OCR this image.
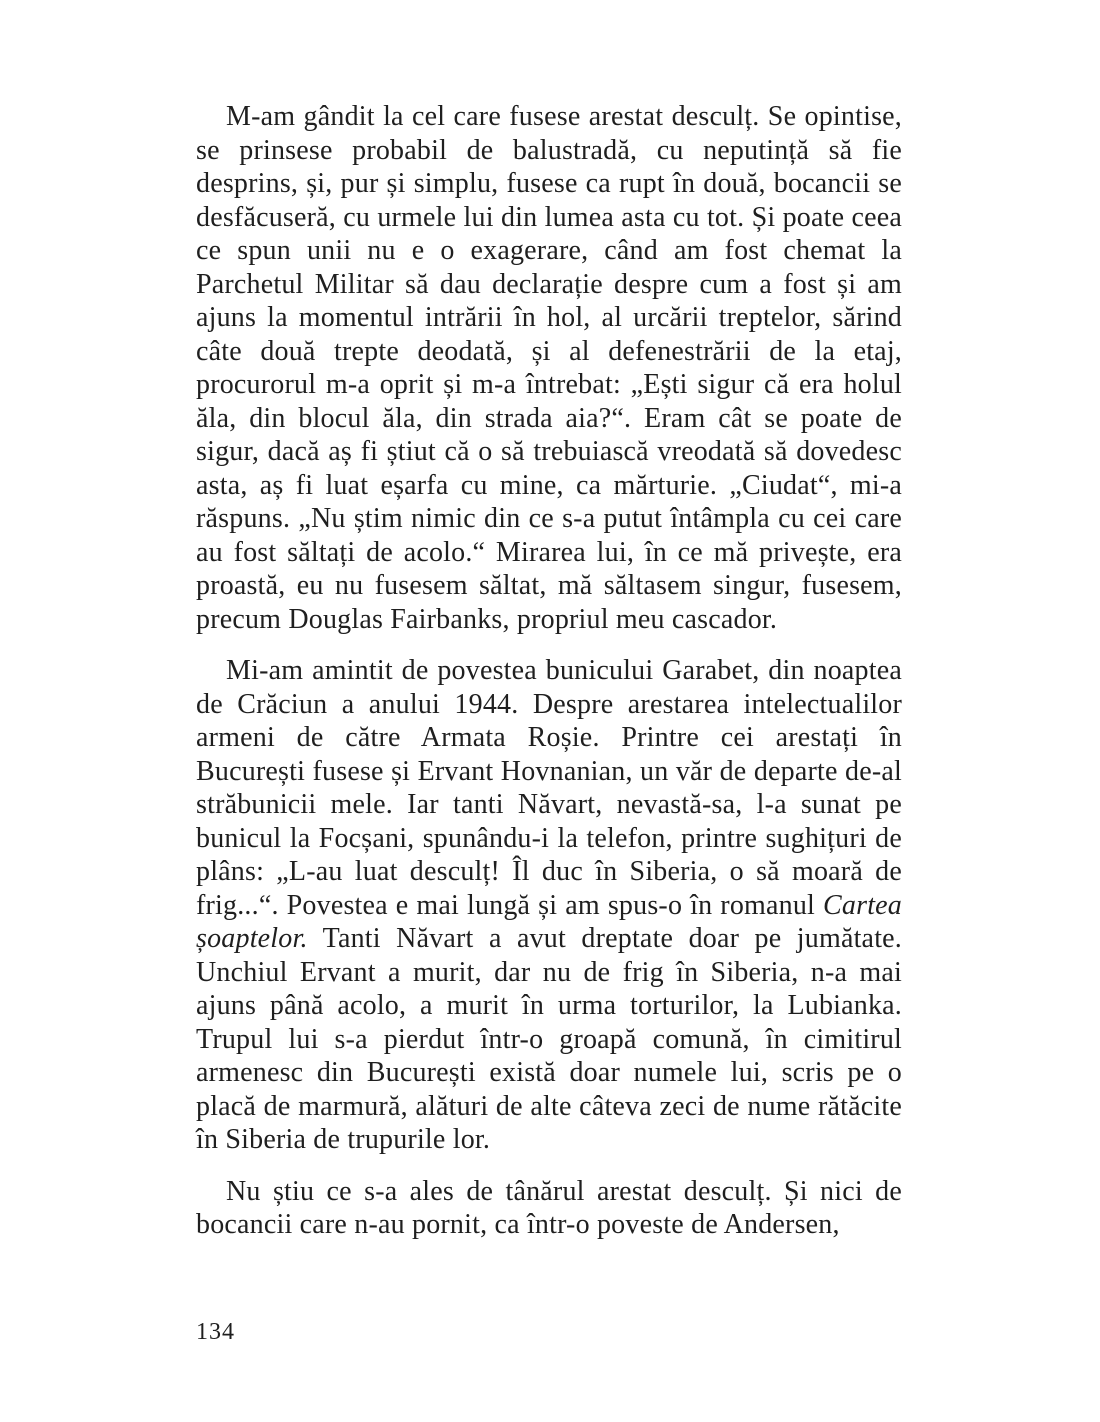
M-am gândit la cel care fusese arestat desculț. Se opintise, se prinsese probabil de balustradă, cu neputință să fie desprins, și, pur și simplu, fusese ca rupt în două, bocancii se desfăcuseră, cu urmele lui din lumea asta cu tot. Și poate ceea ce spun unii nu e o exagerare, când am fost chemat la Parchetul Militar să dau declarație despre cum a fost și am ajuns la momentul intrării în hol, al urcării treptelor, sărind câte două trepte deodată, și al defenestrării de la etaj, procurorul m-a oprit și m-a întrebat: „Ești sigur că era holul ăla, din blocul ăla, din strada aia?“. Eram cât se poate de sigur, dacă aș fi știut că o să trebuiască vreodată să dovedesc asta, aș fi luat eșarfa cu mine, ca mărturie. „Ciudat“, mi-a răspuns. „Nu știm nimic din ce s-a putut întâmpla cu cei care au fost săltați de acolo.“ Mirarea lui, în ce mă privește, era proastă, eu nu fusesem săltat, mă săltasem singur, fusesem, precum Douglas Fairbanks, propriul meu cascador.

Mi-am amintit de povestea bunicului Garabet, din noaptea de Crăciun a anului 1944. Despre arestarea intelectualilor armeni de către Armata Roșie. Printre cei arestați în București fusese și Ervant Hovnanian, un văr de departe de-al străbunicii mele. Iar tanti Năvart, nevastă-sa, l-a sunat pe bunicul la Focșani, spunându-i la telefon, printre sughițuri de plâns: „L-au luat desculț! Îl duc în Siberia, o să moară de frig...“. Povestea e mai lungă și am spus-o în romanul Cartea șoaptelor. Tanti Năvart a avut dreptate doar pe jumătate. Unchiul Ervant a murit, dar nu de frig în Siberia, n-a mai ajuns până acolo, a murit în urma torturilor, la Lubianka. Trupul lui s-a pierdut într-o groapă comună, în cimitirul armenesc din București există doar numele lui, scris pe o placă de marmură, alături de alte câteva zeci de nume rătăcite în Siberia de trupurile lor.

Nu știu ce s-a ales de tânărul arestat desculț. Și nici de bocancii care n-au pornit, ca într-o poveste de Andersen,

134
